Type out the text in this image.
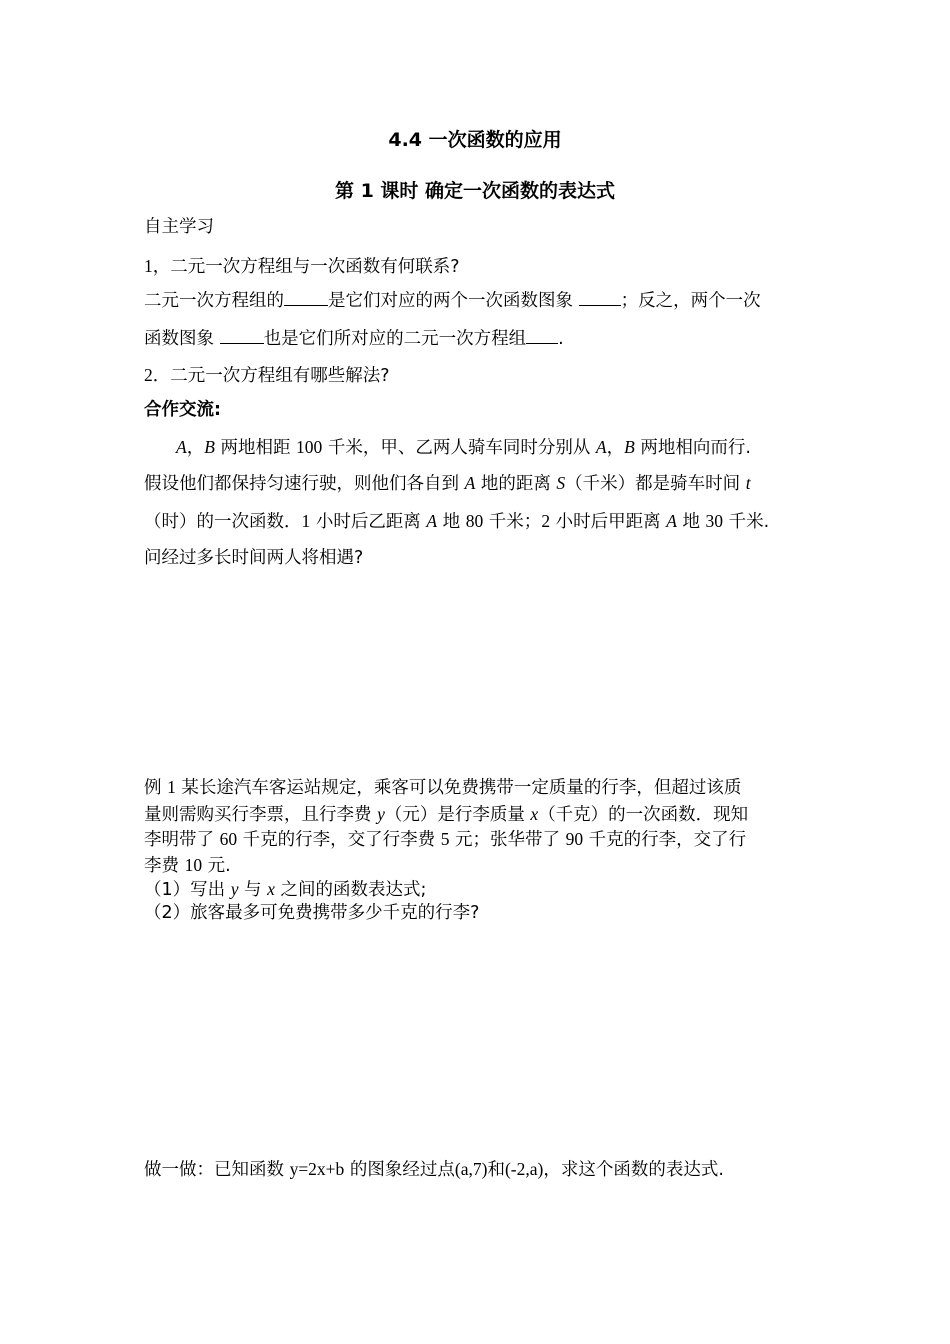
4.4 一次函数的应用
第 1 课时 确定一次函数的表达式
自主学习
1，二元一次方程组与一次函数有何联系?
二元一次方程组的	是它们对应的两个一次函数图象	；反之，两个一次
函数图象	也是它们所对应的二元一次方程组 .
2．二元一次方程组有哪些解法?
合作交流:
A，B 两地相距 100 千米，甲、乙两人骑车同时分别从 A，B 两地相向而行.
假设他们都保持匀速行驶，则他们各自到 A 地的距离 S（千米）都是骑车时间 t
（时）的一次函数．1 小时后乙距离 A 地 80 千米；2 小时后甲距离 A 地 30 千米.
问经过多长时间两人将相遇?
例 1 某长途汽车客运站规定，乘客可以免费携带一定质量的行李，但超过该质
量则需购买行李票，且行李费 y（元）是行李质量 x（千克）的一次函数．现知
李明带了 60 千克的行李，交了行李费 5 元；张华带了 90 千克的行李，交了行
李费 10 元.
（1）写出 y 与 x 之间的函数表达式;
（2）旅客最多可免费携带多少千克的行李?
做一做：已知函数 y=2x+b 的图象经过点(a,7)和(-2,a)，求这个函数的表达式.
